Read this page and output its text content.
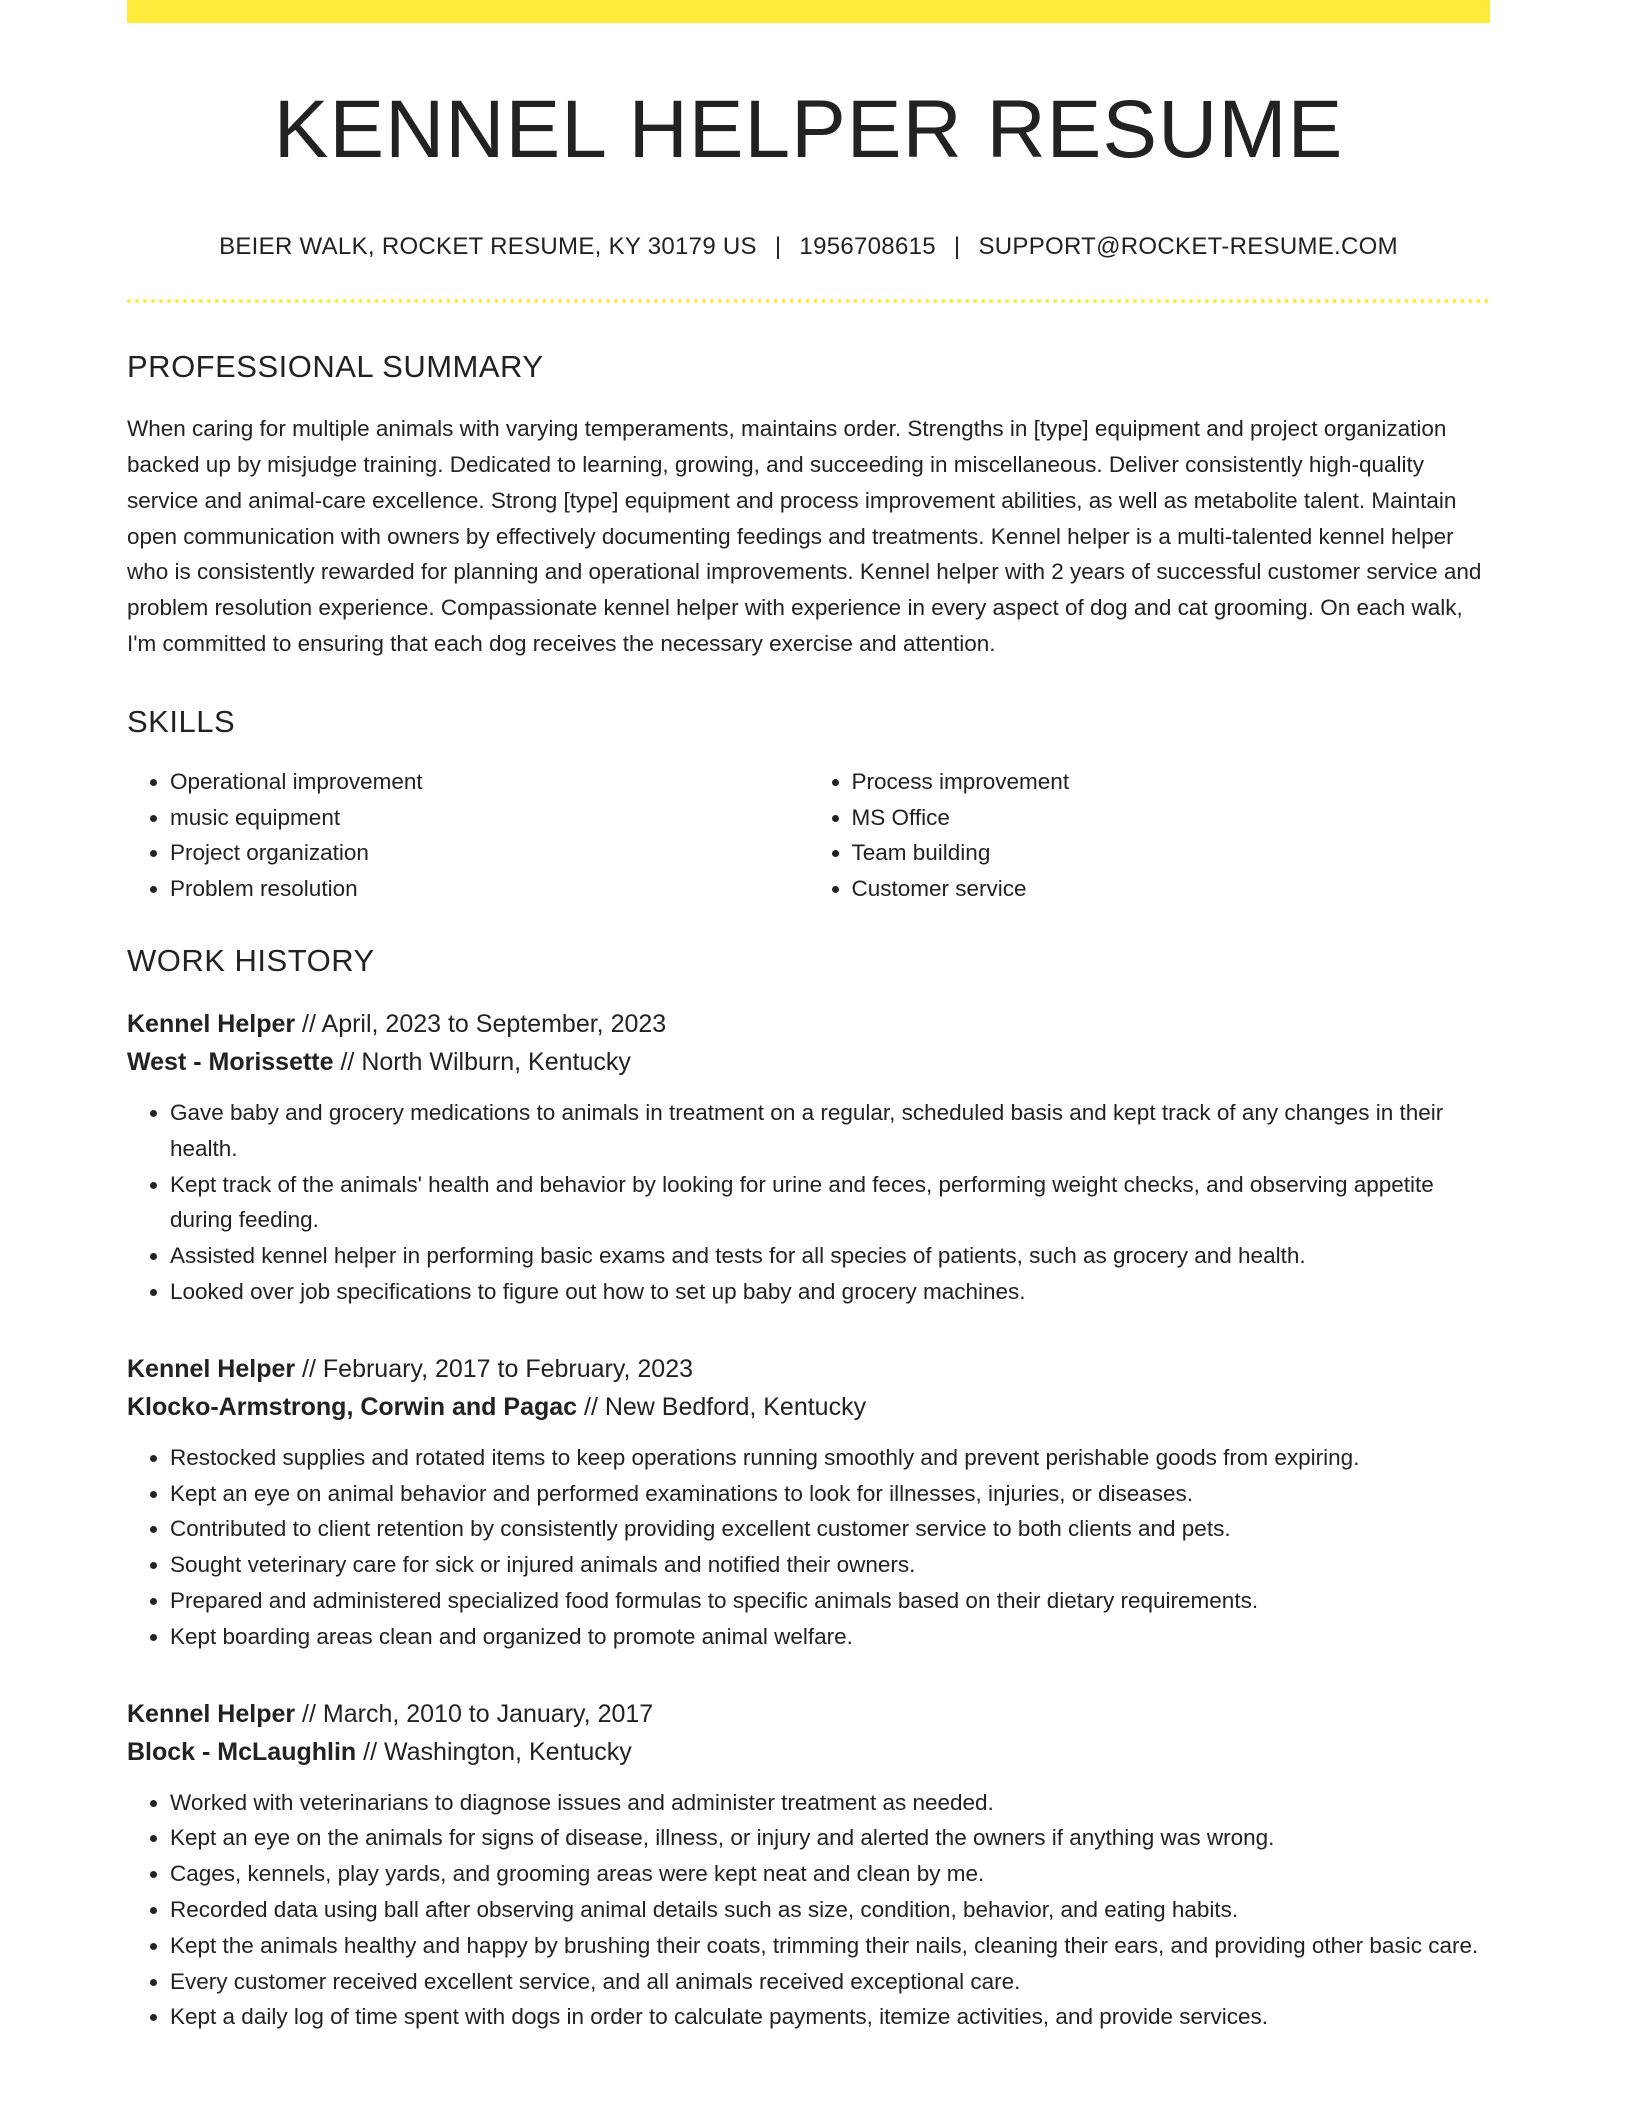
KENNEL HELPER RESUME
BEIER WALK, ROCKET RESUME, KY 30179 US | 1956708615 | SUPPORT@ROCKET-RESUME.COM
PROFESSIONAL SUMMARY

When caring for multiple animals with varying temperaments, maintains order. Strengths in [type] equipment and project organization backed up by misjudge training. Dedicated to learning, growing, and succeeding in miscellaneous. Deliver consistently high-quality service and animal-care excellence. Strong [type] equipment and process improvement abilities, as well as metabolite talent. Maintain open communication with owners by effectively documenting feedings and treatments. Kennel helper is a multi-talented kennel helper who is consistently rewarded for planning and operational improvements. Kennel helper with 2 years of successful customer service and problem resolution experience. Compassionate kennel helper with experience in every aspect of dog and cat grooming. On each walk, I'm committed to ensuring that each dog receives the necessary exercise and attention.

SKILLS
• Operational improvement
• music equipment
• Project organization
• Problem resolution
• Process improvement
• MS Office
• Team building
• Customer service
WORK HISTORY
Kennel Helper // April, 2023 to September, 2023
West - Morissette // North Wilburn, Kentucky
• Gave baby and grocery medications to animals in treatment on a regular, scheduled basis and kept track of any changes in their health.
• Kept track of the animals' health and behavior by looking for urine and feces, performing weight checks, and observing appetite during feeding.
• Assisted kennel helper in performing basic exams and tests for all species of patients, such as grocery and health.
• Looked over job specifications to figure out how to set up baby and grocery machines.
Kennel Helper // February, 2017 to February, 2023
Klocko-Armstrong, Corwin and Pagac // New Bedford, Kentucky
• Restocked supplies and rotated items to keep operations running smoothly and prevent perishable goods from expiring.
• Kept an eye on animal behavior and performed examinations to look for illnesses, injuries, or diseases.
• Contributed to client retention by consistently providing excellent customer service to both clients and pets.
• Sought veterinary care for sick or injured animals and notified their owners.
• Prepared and administered specialized food formulas to specific animals based on their dietary requirements.
• Kept boarding areas clean and organized to promote animal welfare.
Kennel Helper // March, 2010 to January, 2017
Block - McLaughlin // Washington, Kentucky
• Worked with veterinarians to diagnose issues and administer treatment as needed.
• Kept an eye on the animals for signs of disease, illness, or injury and alerted the owners if anything was wrong.
• Cages, kennels, play yards, and grooming areas were kept neat and clean by me.
• Recorded data using ball after observing animal details such as size, condition, behavior, and eating habits.
• Kept the animals healthy and happy by brushing their coats, trimming their nails, cleaning their ears, and providing other basic care.
• Every customer received excellent service, and all animals received exceptional care.
• Kept a daily log of time spent with dogs in order to calculate payments, itemize activities, and provide services.
